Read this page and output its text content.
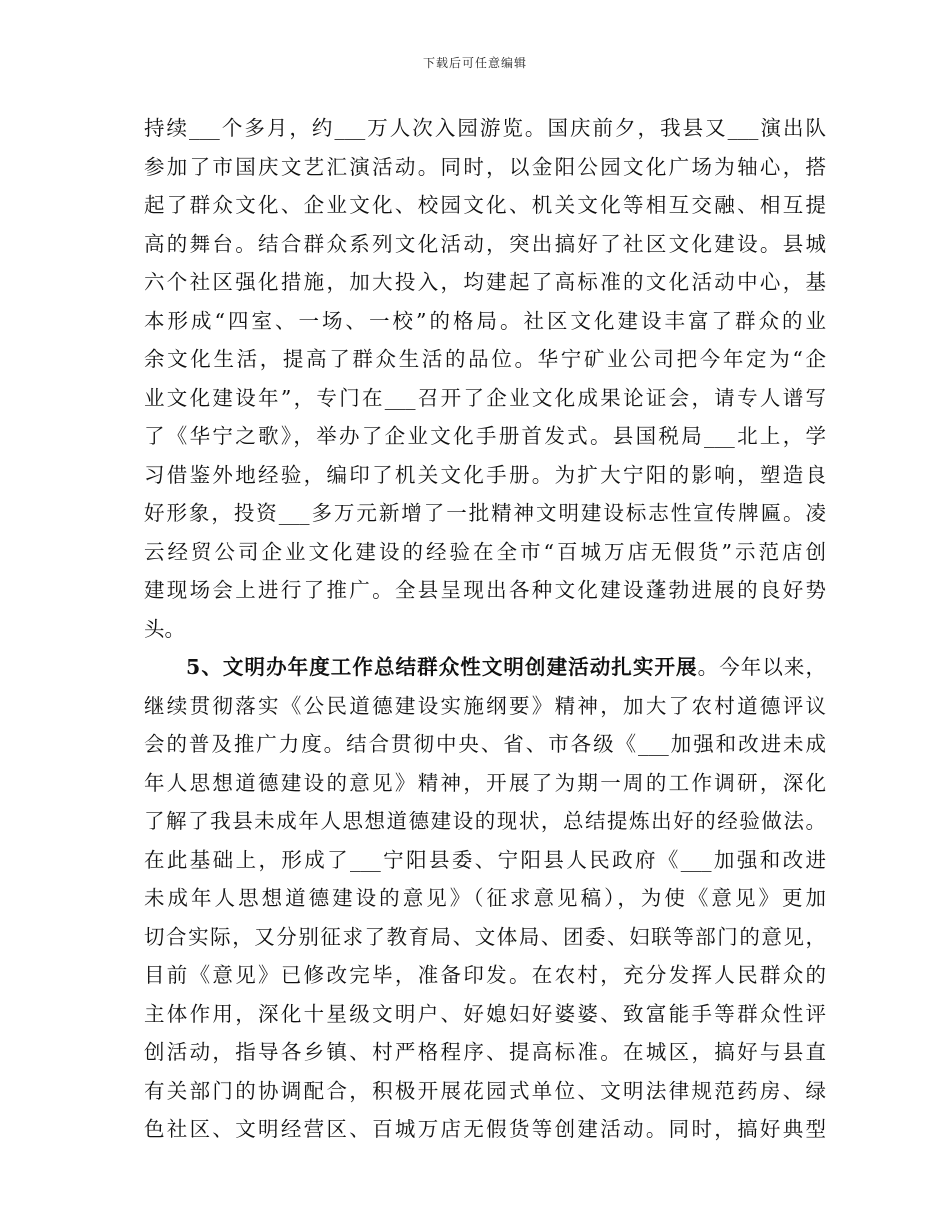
下载后可任意编辑
持续___个多月，约___万人次入园游览。国庆前夕，我县又___演出队
参加了市国庆文艺汇演活动。同时，以金阳公园文化广场为轴心，搭
起了群众文化、企业文化、校园文化、机关文化等相互交融、相互提
高的舞台。结合群众系列文化活动，突出搞好了社区文化建设。县城
六个社区强化措施，加大投入，均建起了高标准的文化活动中心，基
本形成“四室、一场、一校”的格局。社区文化建设丰富了群众的业
余文化生活，提高了群众生活的品位。华宁矿业公司把今年定为“企
业文化建设年”，专门在___召开了企业文化成果论证会，请专人谱写
了《华宁之歌》，举办了企业文化手册首发式。县国税局___北上，学
习借鉴外地经验，编印了机关文化手册。为扩大宁阳的影响，塑造良
好形象，投资___多万元新增了一批精神文明建设标志性宣传牌匾。凌
云经贸公司企业文化建设的经验在全市“百城万店无假货”示范店创
建现场会上进行了推广。全县呈现出各种文化建设蓬勃进展的良好势
头。
5、文明办年度工作总结群众性文明创建活动扎实开展。今年以来，
继续贯彻落实《公民道德建设实施纲要》精神，加大了农村道德评议
会的普及推广力度。结合贯彻中央、省、市各级《___加强和改进未成
年人思想道德建设的意见》精神，开展了为期一周的工作调研，深化
了解了我县未成年人思想道德建设的现状，总结提炼出好的经验做法。
在此基础上，形成了___宁阳县委、宁阳县人民政府《___加强和改进
未成年人思想道德建设的意见》（征求意见稿），为使《意见》更加
切合实际，又分别征求了教育局、文体局、团委、妇联等部门的意见，
目前《意见》已修改完毕，准备印发。在农村，充分发挥人民群众的
主体作用，深化十星级文明户、好媳妇好婆婆、致富能手等群众性评
创活动，指导各乡镇、村严格程序、提高标准。在城区，搞好与县直
有关部门的协调配合，积极开展花园式单位、文明法律规范药房、绿
色社区、文明经营区、百城万店无假货等创建活动。同时，搞好典型
